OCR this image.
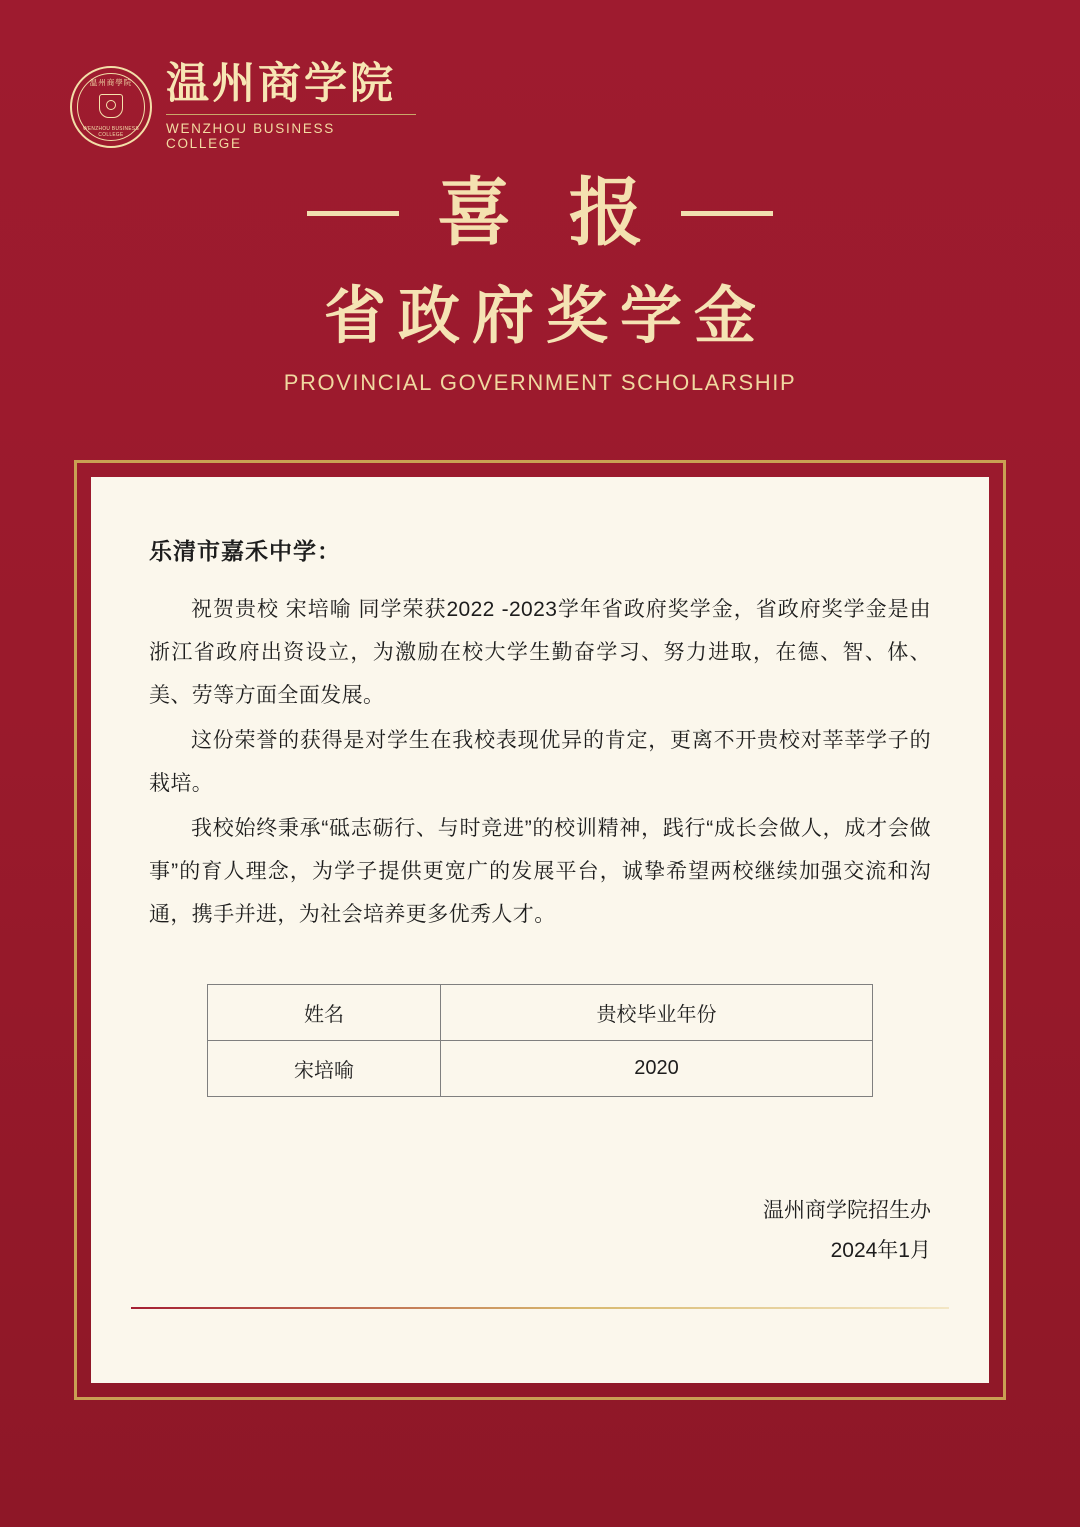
温州商學院
WENZHOU BUSINESS COLLEGE
温州商学院
WENZHOU BUSINESS COLLEGE
喜 报
省政府奖学金
PROVINCIAL GOVERNMENT SCHOLARSHIP
乐清市嘉禾中学：

祝贺贵校 宋培喻 同学荣获2022 -2023学年省政府奖学金，省政府奖学金是由浙江省政府出资设立，为激励在校大学生勤奋学习、努力进取，在德、智、体、美、劳等方面全面发展。

这份荣誉的获得是对学生在我校表现优异的肯定，更离不开贵校对莘莘学子的栽培。

我校始终秉承“砥志砺行、与时竞进”的校训精神，践行“成长会做人，成才会做事”的育人理念，为学子提供更宽广的发展平台，诚挚希望两校继续加强交流和沟通，携手并进，为社会培养更多优秀人才。

姓名	贵校毕业年份
宋培喻	2020
温州商学院招生办
2024年1月
